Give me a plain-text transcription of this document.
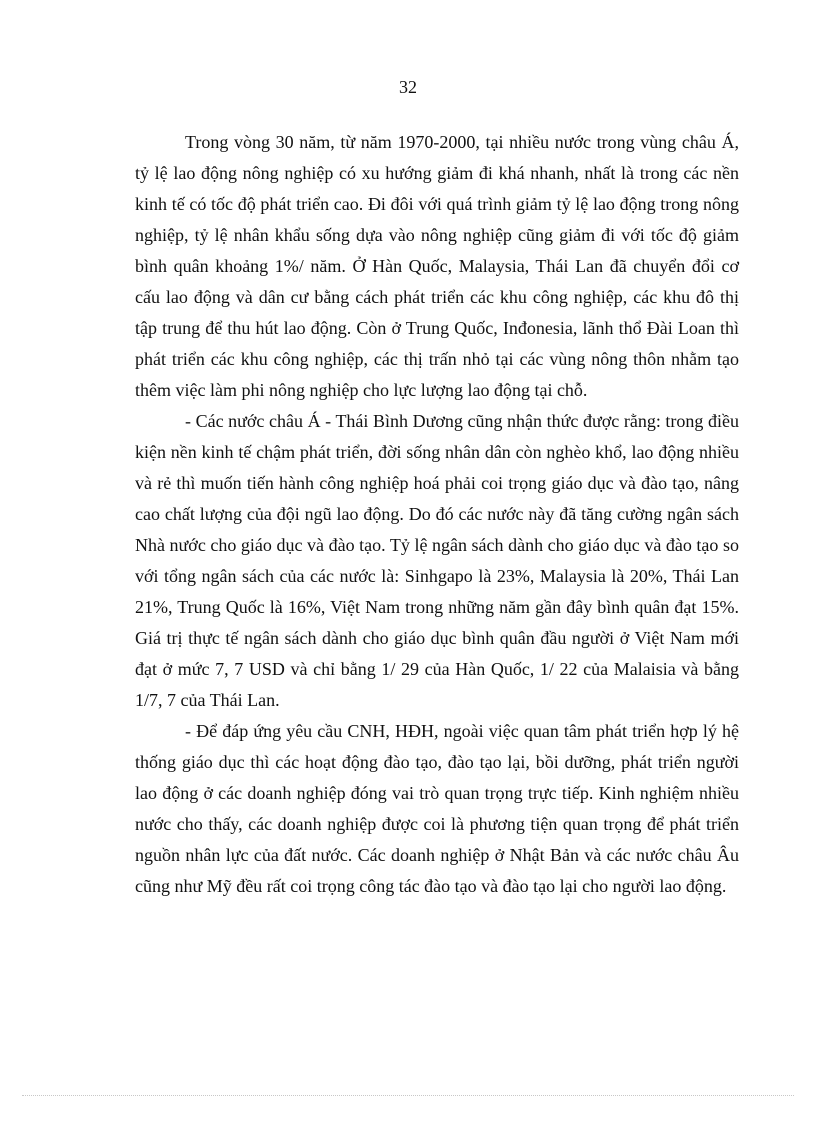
32

Trong vòng 30 năm, từ năm 1970-2000, tại nhiều nước trong vùng châu Á, tỷ lệ lao động nông nghiệp có xu hướng giảm đi khá nhanh, nhất là trong các nền kinh tế có tốc độ phát triển cao. Đi đôi với quá trình giảm tỷ lệ lao động trong nông nghiệp, tỷ lệ nhân khẩu sống dựa vào nông nghiệp cũng giảm đi với tốc độ giảm bình quân khoảng 1%/ năm. Ở Hàn Quốc, Malaysia, Thái Lan đã chuyển đổi cơ cấu lao động và dân cư bằng cách phát triển các khu công nghiệp, các khu đô thị tập trung để thu hút lao động. Còn ở Trung Quốc, Inđonesia, lãnh thổ Đài Loan thì phát triển các khu công nghiệp, các thị trấn nhỏ tại các vùng nông thôn nhằm tạo thêm việc làm phi nông nghiệp cho lực lượng lao động tại chỗ.

- Các nước châu Á - Thái Bình Dương cũng nhận thức được rằng: trong điều kiện nền kinh tế chậm phát triển, đời sống nhân dân còn nghèo khổ, lao động nhiều và rẻ thì muốn tiến hành công nghiệp hoá phải coi trọng giáo dục và đào tạo, nâng cao chất lượng của đội ngũ lao động. Do đó các nước này đã tăng cường ngân sách Nhà nước cho giáo dục và đào tạo. Tỷ lệ ngân sách dành cho giáo dục và đào tạo so với tổng ngân sách của các nước là: Sinhgapo là 23%, Malaysia là 20%, Thái Lan 21%, Trung Quốc là 16%, Việt Nam trong những năm gần đây bình quân đạt 15%. Giá trị thực tế ngân sách dành cho giáo dục bình quân đầu người ở Việt Nam mới đạt ở mức 7, 7 USD và chỉ bằng 1/ 29 của Hàn Quốc, 1/ 22 của Malaisia và bằng 1/7, 7 của Thái Lan.

- Để đáp ứng yêu cầu CNH, HĐH, ngoài việc quan tâm phát triển hợp lý hệ thống giáo dục thì các hoạt động đào tạo, đào tạo lại, bồi dưỡng, phát triển người lao động ở các doanh nghiệp đóng vai trò quan trọng trực tiếp. Kinh nghiệm nhiều nước cho thấy, các doanh nghiệp được coi là phương tiện quan trọng để phát triển nguồn nhân lực của đất nước. Các doanh nghiệp ở Nhật Bản và các nước châu Âu cũng như Mỹ đều rất coi trọng công tác đào tạo và đào tạo lại cho người lao động.
